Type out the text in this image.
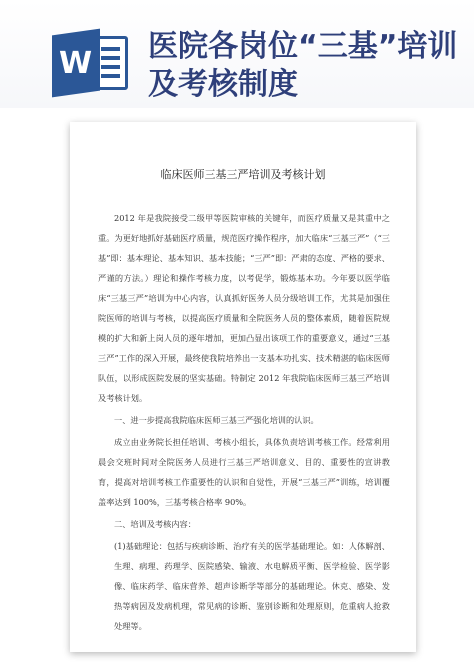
W 医院各岗位“三基”培训及考核制度
临床医师三基三严培训及考核计划

2012 年是我院接受二级甲等医院审核的关键年，而医疗质量又是其重中之重。为更好地抓好基础医疗质量，规范医疗操作程序，加大临床“三基三严”（“三基”即：基本理论、基本知识、基本技能；“三严”即：严肃的态度、严格的要求、严谨的方法。）理论和操作考核力度，以考促学，锻炼基本功。今年要以医学临床“三基三严”培训为中心内容，认真抓好医务人员分级培训工作，尤其是加强住院医师的培训与考核，以提高医疗质量和全院医务人员的整体素质，随着医院规模的扩大和新上岗人员的逐年增加，更加凸显出该项工作的重要意义，通过“三基三严”工作的深入开展，最终使我院培养出一支基本功扎实、技术精湛的临床医师队伍，以形成医院发展的坚实基础。特制定 2012 年我院临床医师三基三严培训及考核计划。

一、进一步提高我院临床医师三基三严强化培训的认识。

成立由业务院长担任培训、考核小组长，具体负责培训考核工作。经常利用晨会交班时间对全院医务人员进行三基三严培训意义、目的、重要性的宣讲教育，提高对培训考核工作重要性的认识和自觉性，开展“三基三严”训练，培训覆盖率达到 100%，三基考核合格率 90%。

二、培训及考核内容：

(1)基础理论：包括与疾病诊断、治疗有关的医学基础理论。如：人体解剖、生理、病理、药理学、医院感染、输液、水电解质平衡、医学检验、医学影像、临床药学、临床营养、超声诊断学等部分的基础理论。休克、感染、发热等病因及发病机理，常见病的诊断、鉴别诊断和处理原则，危重病人抢救处理等。
